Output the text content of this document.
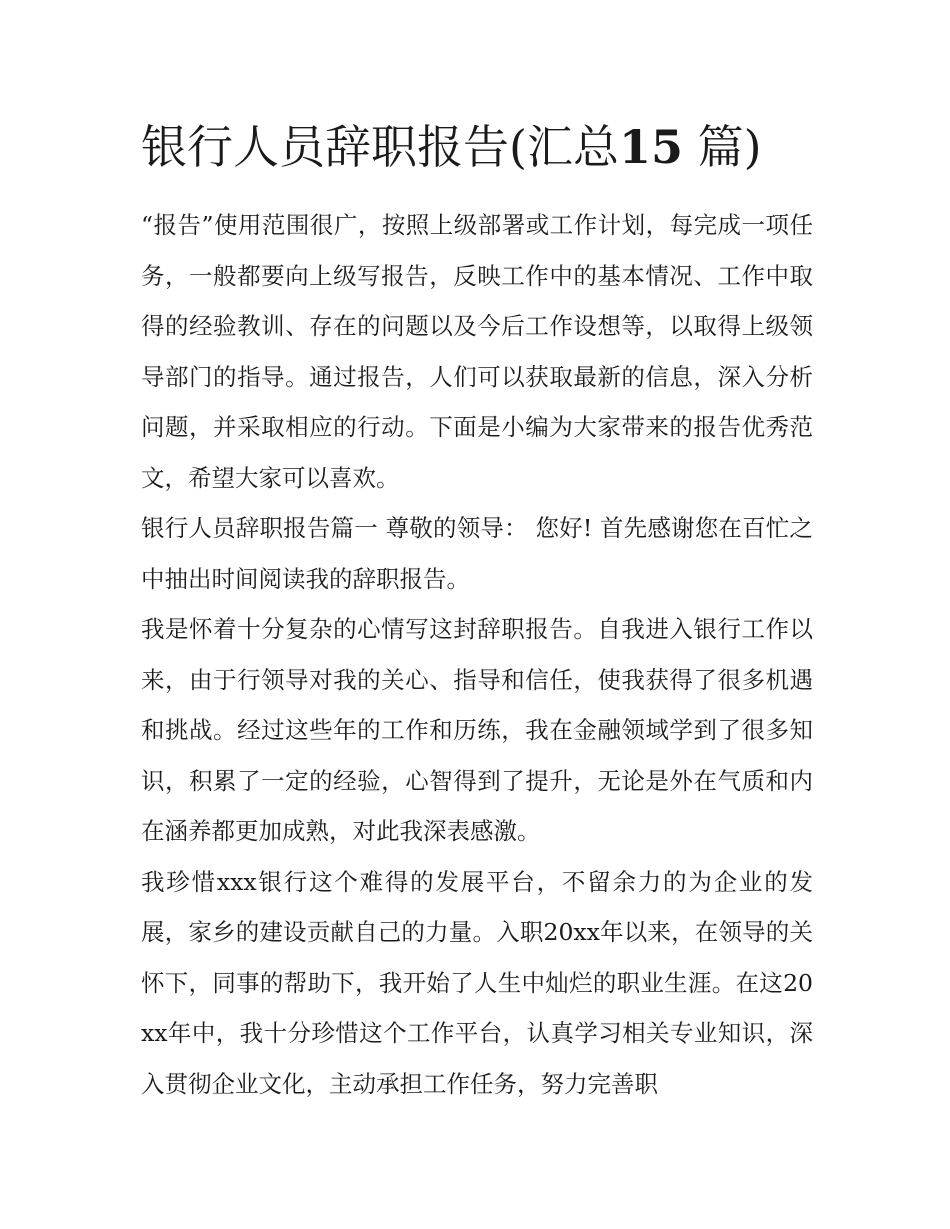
银行人员辞职报告(汇总15 篇)

“报告”使用范围很广，按照上级部署或工作计划，每完成一项任务，一般都要向上级写报告，反映工作中的基本情况、工作中取得的经验教训、存在的问题以及今后工作设想等，以取得上级领导部门的指导。通过报告，人们可以获取最新的信息，深入分析问题，并采取相应的行动。下面是小编为大家带来的报告优秀范文，希望大家可以喜欢。

银行人员辞职报告篇一 尊敬的领导： 您好! 首先感谢您在百忙之中抽出时间阅读我的辞职报告。

我是怀着十分复杂的心情写这封辞职报告。自我进入银行工作以来，由于行领导对我的关心、指导和信任，使我获得了很多机遇和挑战。经过这些年的工作和历练，我在金融领域学到了很多知识，积累了一定的经验，心智得到了提升，无论是外在气质和内在涵养都更加成熟，对此我深表感激。

我珍惜xxx银行这个难得的发展平台，不留余力的为企业的发展，家乡的建设贡献自己的力量。入职20xx年以来，在领导的关怀下，同事的帮助下，我开始了人生中灿烂的职业生涯。在这20xx年中，我十分珍惜这个工作平台，认真学习相关专业知识，深入贯彻企业文化，主动承担工作任务，努力完善职
